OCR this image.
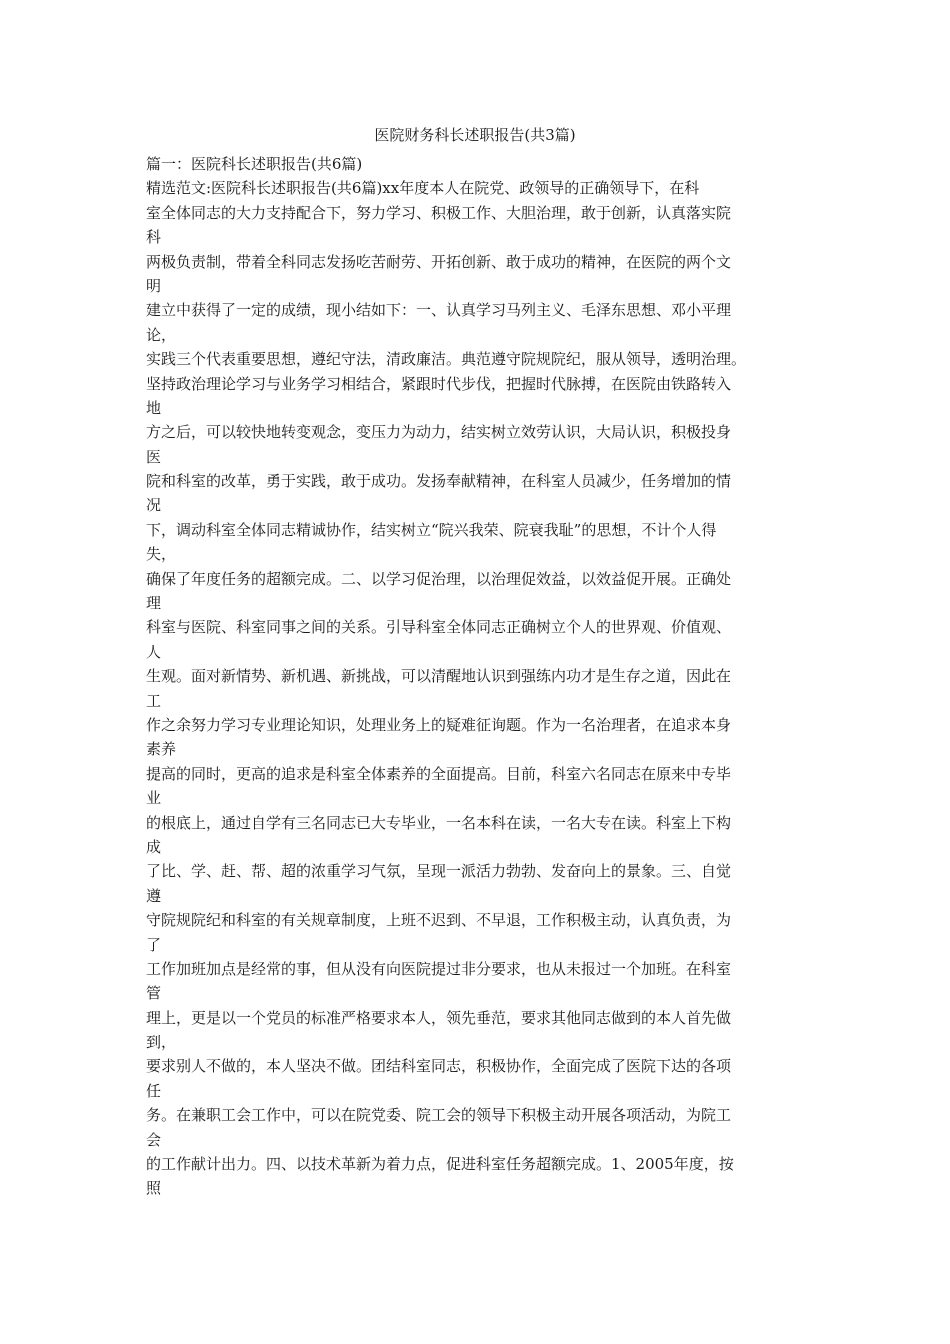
医院财务科长述职报告(共3篇)
篇一：医院科长述职报告(共6篇)
精选范文:医院科长述职报告(共6篇)xx年度本人在院党、政领导的正确领导下，在科
室全体同志的大力支持配合下，努力学习、积极工作、大胆治理，敢于创新，认真落实院
科
两极负责制，带着全科同志发扬吃苦耐劳、开拓创新、敢于成功的精神，在医院的两个文
明
建立中获得了一定的成绩，现小结如下：一、认真学习马列主义、毛泽东思想、邓小平理
论，
实践三个代表重要思想，遵纪守法，清政廉洁。典范遵守院规院纪，服从领导，透明治理。
坚持政治理论学习与业务学习相结合，紧跟时代步伐，把握时代脉搏，在医院由铁路转入
地
方之后，可以较快地转变观念，变压力为动力，结实树立效劳认识，大局认识，积极投身
医
院和科室的改革，勇于实践，敢于成功。发扬奉献精神，在科室人员减少，任务增加的情
况
下，调动科室全体同志精诚协作，结实树立“院兴我荣、院衰我耻”的思想，不计个人得
失，
确保了年度任务的超额完成。二、以学习促治理，以治理促效益，以效益促开展。正确处
理
科室与医院、科室同事之间的关系。引导科室全体同志正确树立个人的世界观、价值观、
人
生观。面对新情势、新机遇、新挑战，可以清醒地认识到强练内功才是生存之道，因此在
工
作之余努力学习专业理论知识，处理业务上的疑难征询题。作为一名治理者，在追求本身
素养
提高的同时，更高的追求是科室全体素养的全面提高。目前，科室六名同志在原来中专毕
业
的根底上，通过自学有三名同志已大专毕业，一名本科在读，一名大专在读。科室上下构
成
了比、学、赶、帮、超的浓重学习气氛，呈现一派活力勃勃、发奋向上的景象。三、自觉
遵
守院规院纪和科室的有关规章制度，上班不迟到、不早退，工作积极主动，认真负责，为
了
工作加班加点是经常的事，但从没有向医院提过非分要求，也从未报过一个加班。在科室
管
理上，更是以一个党员的标准严格要求本人，领先垂范，要求其他同志做到的本人首先做
到，
要求别人不做的，本人坚决不做。团结科室同志，积极协作，全面完成了医院下达的各项
任
务。在兼职工会工作中，可以在院党委、院工会的领导下积极主动开展各项活动，为院工
会
的工作献计出力。四、以技术革新为着力点，促进科室任务超额完成。1、2005年度，按
照
